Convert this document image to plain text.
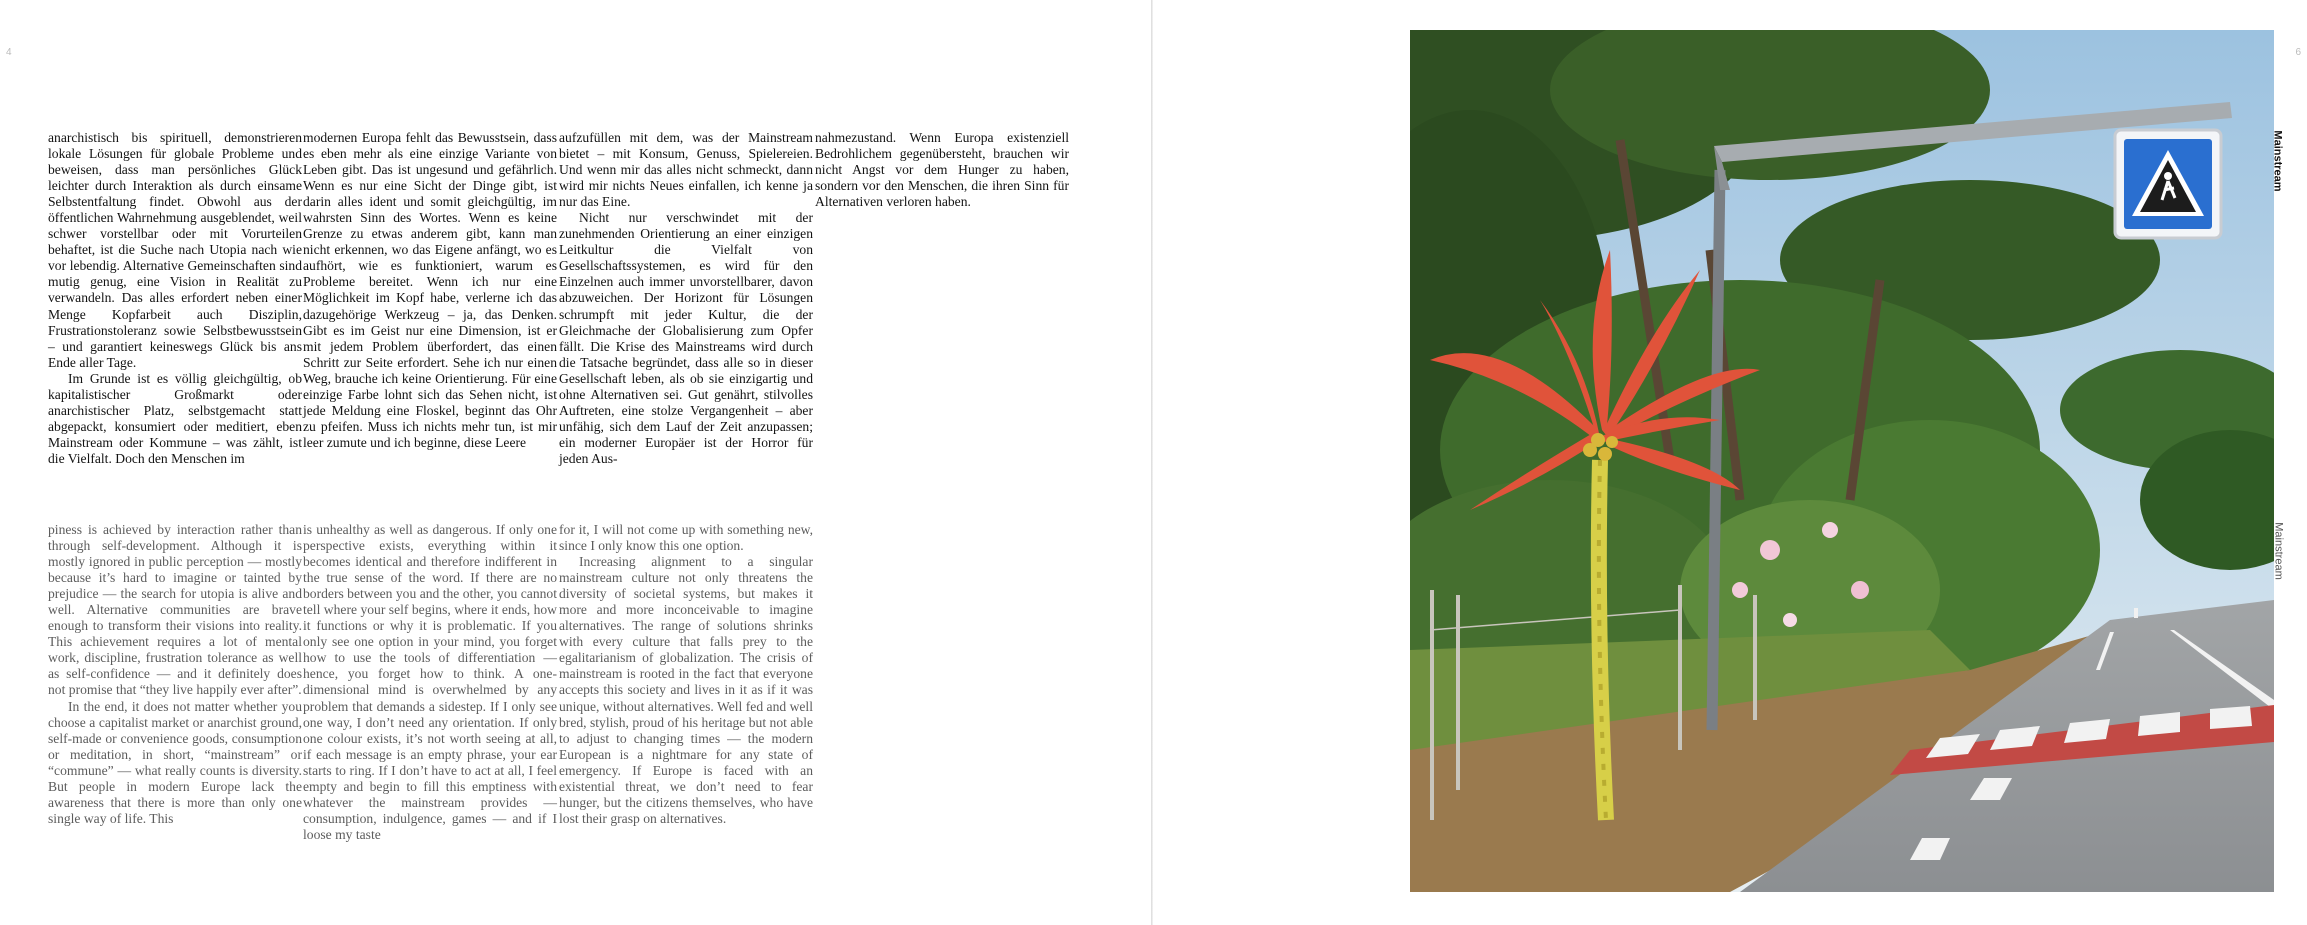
4

anarchistisch bis spirituell, demonstrieren lokale Lösungen für globale Probleme und beweisen, dass man persönliches Glück leichter durch Interaktion als durch einsame Selbstentfaltung findet. Obwohl aus der öffentlichen Wahrnehmung ausgeblendet, weil schwer vorstellbar oder mit Vorurteilen behaftet, ist die Suche nach Utopia nach wie vor lebendig. Alternative Gemeinschaften sind mutig genug, eine Vision in Realität zu verwandeln. Das alles erfordert neben einer Menge Kopfarbeit auch Disziplin, Frustrationstoleranz sowie Selbstbewusstsein – und garantiert keineswegs Glück bis ans Ende aller Tage.

Im Grunde ist es völlig gleichgültig, ob kapitalistischer Großmarkt oder anarchistischer Platz, selbstgemacht statt abgepackt, konsumiert oder meditiert, eben Mainstream oder Kommune – was zählt, ist die Vielfalt. Doch den Menschen im

modernen Europa fehlt das Bewusstsein, dass es eben mehr als eine einzige Variante von Leben gibt. Das ist ungesund und gefährlich. Wenn es nur eine Sicht der Dinge gibt, ist darin alles ident und somit gleichgültig, im wahrsten Sinn des Wortes. Wenn es keine Grenze zu etwas anderem gibt, kann man nicht erkennen, wo das Eigene anfängt, wo es aufhört, wie es funktioniert, warum es Probleme bereitet. Wenn ich nur eine Möglichkeit im Kopf habe, verlerne ich das dazugehörige Werkzeug – ja, das Denken. Gibt es im Geist nur eine Dimension, ist er mit jedem Problem überfordert, das einen Schritt zur Seite erfordert. Sehe ich nur einen Weg, brauche ich keine Orientierung. Für eine einzige Farbe lohnt sich das Sehen nicht, ist jede Meldung eine Floskel, beginnt das Ohr zu pfeifen. Muss ich nichts mehr tun, ist mir leer zumute und ich beginne, diese Leere

aufzufüllen mit dem, was der Mainstream bietet – mit Konsum, Genuss, Spielereien. Und wenn mir das alles nicht schmeckt, dann wird mir nichts Neues einfallen, ich kenne ja nur das Eine.

Nicht nur verschwindet mit der zunehmenden Orientierung an einer einzigen Leitkultur die Vielfalt von Gesellschaftssystemen, es wird für den Einzelnen auch immer unvorstellbarer, davon abzuweichen. Der Horizont für Lösungen schrumpft mit jeder Kultur, die der Gleichmache der Globalisierung zum Opfer fällt. Die Krise des Mainstreams wird durch die Tatsache begründet, dass alle so in dieser Gesellschaft leben, als ob sie einzigartig und ohne Alternativen sei. Gut genährt, stilvolles Auftreten, eine stolze Vergangenheit – aber unfähig, sich dem Lauf der Zeit anzupassen; ein moderner Europäer ist der Horror für jeden Aus-

nahmezustand. Wenn Europa existenziell Bedrohlichem gegenübersteht, brauchen wir nicht Angst vor dem Hunger zu haben, sondern vor den Menschen, die ihren Sinn für Alternativen verloren haben.

piness is achieved by interaction rather than through self-development. Although it is mostly ignored in public perception — mostly because it’s hard to imagine or tainted by prejudice — the search for utopia is alive and well. Alternative communities are brave enough to transform their visions into reality. This achievement requires a lot of mental work, discipline, frustration tolerance as well as self-confidence — and it definitely does not promise that “they live happily ever after”.

In the end, it does not matter whether you choose a capitalist market or anarchist ground, self-made or convenience goods, consumption or meditation, in short, “mainstream” or “commune” — what really counts is diversity. But people in modern Europe lack the awareness that there is more than only one single way of life. This

is unhealthy as well as dangerous. If only one perspective exists, everything within it becomes identical and therefore indifferent in the true sense of the word. If there are no borders between you and the other, you cannot tell where your self begins, where it ends, how it functions or why it is problematic. If you only see one option in your mind, you forget how to use the tools of differentiation — hence, you forget how to think. A one-dimensional mind is overwhelmed by any problem that demands a sidestep. If I only see one way, I don’t need any orientation. If only one colour exists, it’s not worth seeing at all, if each message is an empty phrase, your ear starts to ring. If I don’t have to act at all, I feel empty and begin to fill this emptiness with whatever the mainstream provides — consumption, indulgence, games — and if I loose my taste

for it, I will not come up with something new, since I only know this one option.

Increasing alignment to a singular mainstream culture not only threatens the diversity of societal systems, but makes it more and more inconceivable to imagine alternatives. The range of solutions shrinks with every culture that falls prey to the egalitarianism of globalization. The crisis of mainstream is rooted in the fact that everyone accepts this society and lives in it as if it was unique, without alternatives. Well fed and well bred, stylish, proud of his heritage but not able to adjust to changing times — the modern European is a nightmare for any state of emergency. If Europe is faced with an existential threat, we don’t need to fear hunger, but the citizens themselves, who have lost their grasp on alternatives.

6
Mainstream
Mainstream
